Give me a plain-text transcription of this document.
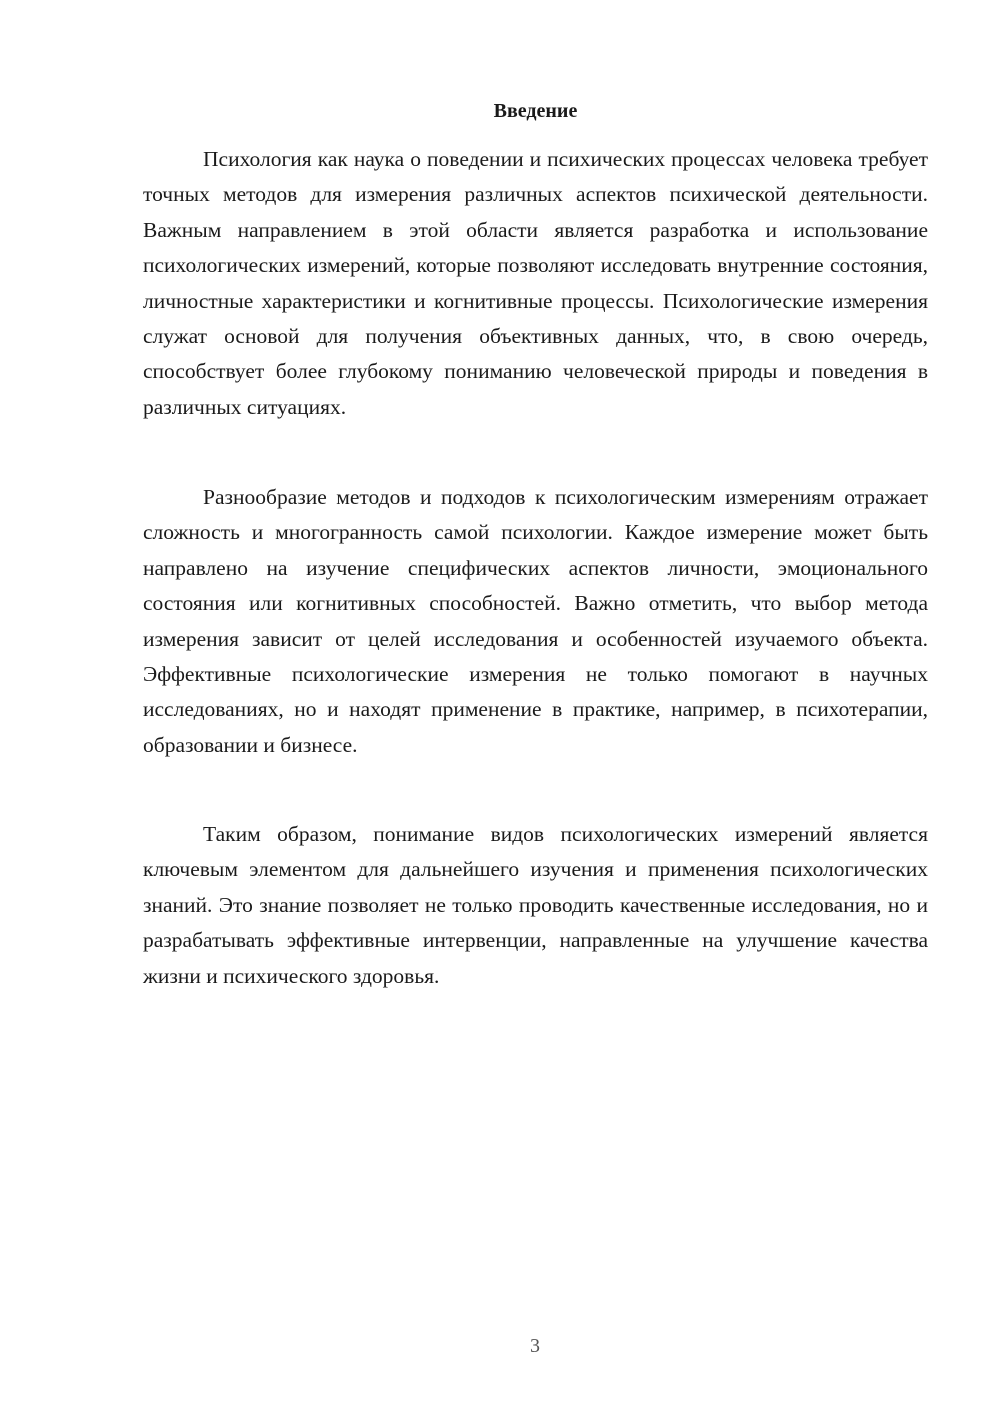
Введение

Психология как наука о поведении и психических процессах человека требует точных методов для измерения различных аспектов психической деятельности. Важным направлением в этой области является разработка и использование психологических измерений, которые позволяют исследовать внутренние состояния, личностные характеристики и когнитивные процессы. Психологические измерения служат основой для получения объективных данных, что, в свою очередь, способствует более глубокому пониманию человеческой природы и поведения в различных ситуациях.

Разнообразие методов и подходов к психологическим измерениям отражает сложность и многогранность самой психологии. Каждое измерение может быть направлено на изучение специфических аспектов личности, эмоционального состояния или когнитивных способностей. Важно отметить, что выбор метода измерения зависит от целей исследования и особенностей изучаемого объекта. Эффективные психологические измерения не только помогают в научных исследованиях, но и находят применение в практике, например, в психотерапии, образовании и бизнесе.

Таким образом, понимание видов психологических измерений является ключевым элементом для дальнейшего изучения и применения психологических знаний. Это знание позволяет не только проводить качественные исследования, но и разрабатывать эффективные интервенции, направленные на улучшение качества жизни и психического здоровья.

3
